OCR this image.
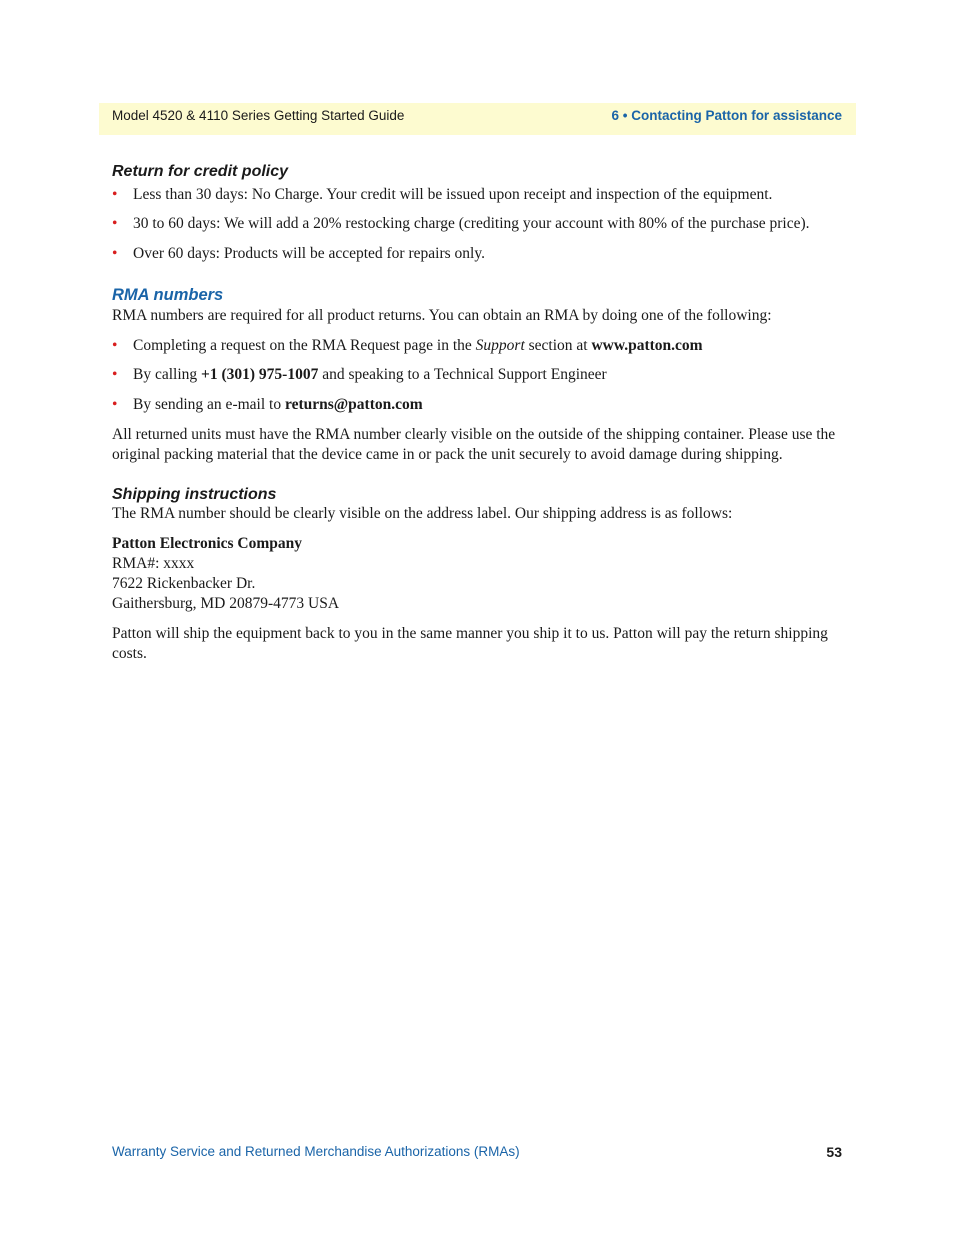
Model 4520 & 4110 Series Getting Started Guide	6 • Contacting Patton for assistance
Return for credit policy
• Less than 30 days: No Charge. Your credit will be issued upon receipt and inspection of the equipment.
• 30 to 60 days: We will add a 20% restocking charge (crediting your account with 80% of the purchase price).
• Over 60 days: Products will be accepted for repairs only.
RMA numbers

RMA numbers are required for all product returns. You can obtain an RMA by doing one of the following:

• Completing a request on the RMA Request page in the Support section at www.patton.com
• By calling +1 (301) 975-1007 and speaking to a Technical Support Engineer
• By sending an e-mail to returns@patton.com

All returned units must have the RMA number clearly visible on the outside of the shipping container. Please use the original packing material that the device came in or pack the unit securely to avoid damage during shipping.

Shipping instructions

The RMA number should be clearly visible on the address label. Our shipping address is as follows:

Patton Electronics Company

RMA#: xxxx

7622 Rickenbacker Dr.

Gaithersburg, MD 20879-4773 USA

Patton will ship the equipment back to you in the same manner you ship it to us. Patton will pay the return shipping costs.

Warranty Service and Returned Merchandise Authorizations (RMAs)	53
